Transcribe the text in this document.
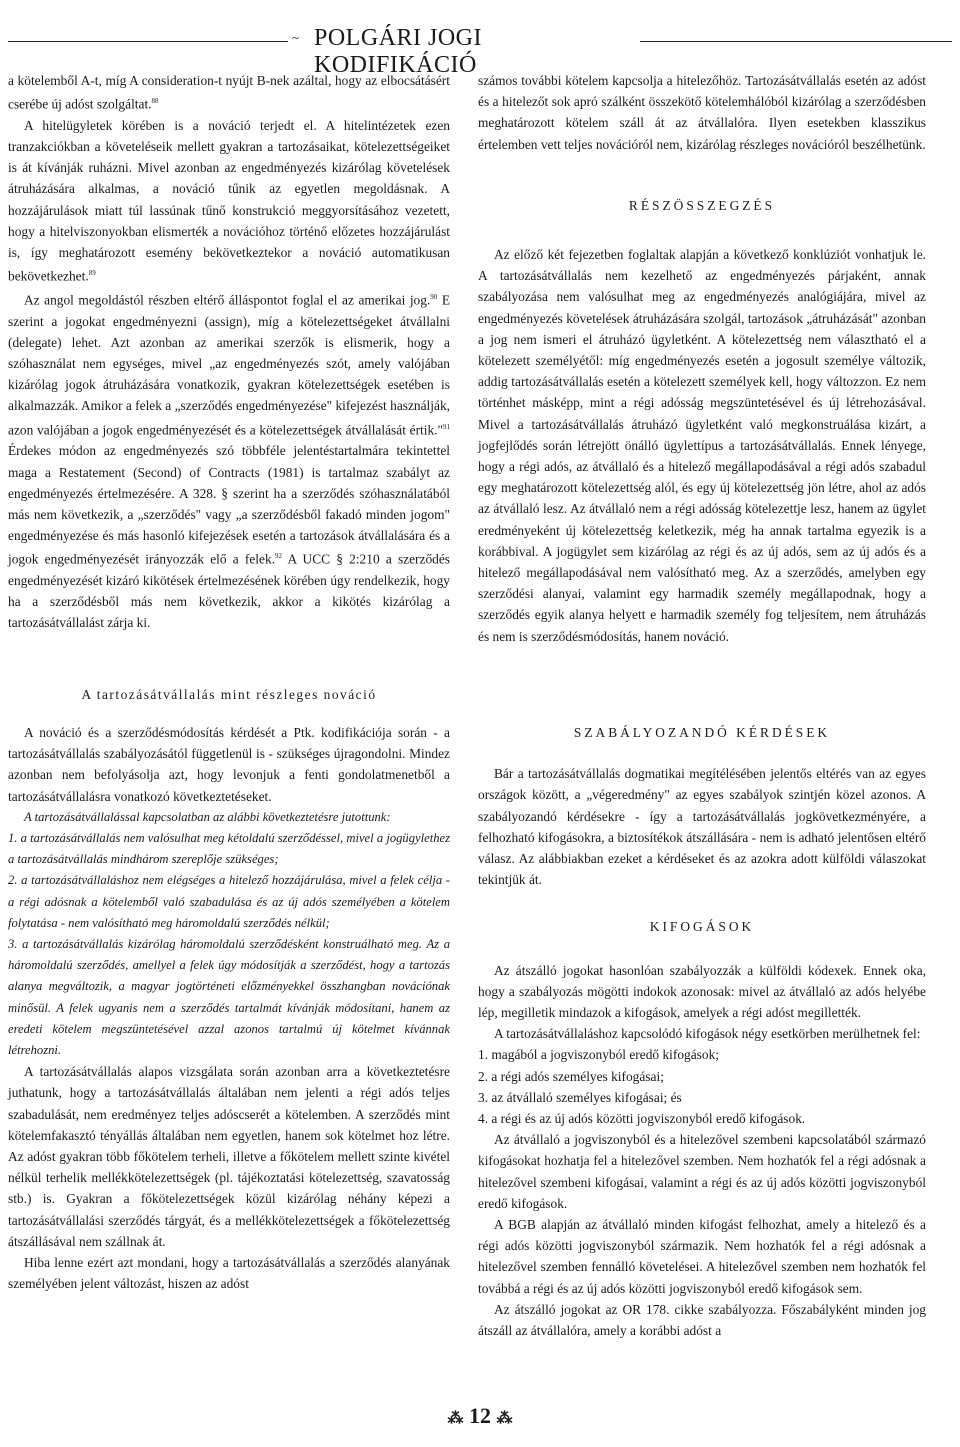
~ POLGÁRI JOGI KODIFIKÁCIÓ

a kötelemből A-t, míg A consideration-t nyújt B-nek azáltal, hogy az elbocsátásért cserébe új adóst szolgáltat.$^{88}$

A hitelügyletek körében is a nováció terjedt el. A hitelintézetek ezen tranzakciókban a követeléseik mellett gyakran a tartozásaikat, kötelezettségeiket is át kívánják ruházni. Mivel azonban az engedményezés kizárólag követelések átruházására alkalmas, a nováció tűnik az egyetlen megoldásnak. A hozzájárulások miatt túl lassúnak tűnő konstrukció meggyorsításához vezetett, hogy a hitelviszonyokban elismerték a novációhoz történő előzetes hozzájárulást is, így meghatározott esemény bekövetkeztekor a nováció automatikusan bekövetkezhet.$^{89}$

Az angol megoldástól részben eltérő álláspontot foglal el az amerikai jog.$^{90}$ E szerint a jogokat engedményezni (assign), míg a kötelezettségeket átvállalni (delegate) lehet. Azt azonban az amerikai szerzők is elismerik, hogy a szóhasználat nem egységes, mivel „az engedményezés szót, amely valójában kizárólag jogok átruházására vonatkozik, gyakran kötelezettségek esetében is alkalmazzák. Amikor a felek a „szerződés engedményezése" kifejezést használják, azon valójában a jogok engedményezését és a kötelezettségek átvállalását értik."$^{91}$ Érdekes módon az engedményezés szó többféle jelentéstartalmára tekintettel maga a Restatement (Second) of Contracts (1981) is tartalmaz szabályt az engedményezés értelmezésére. A 328. § szerint ha a szerződés szóhasználatából más nem következik, a „szerződés" vagy „a szerződésből fakadó minden jogom" engedményezése és más hasonló kifejezések esetén a tartozások átvállalására és a jogok engedményezését irányozzák elő a felek.$^{92}$ A UCC § 2:210 a szerződés engedményezését kizáró kikötések értelmezésének körében úgy rendelkezik, hogy ha a szerződésből más nem következik, akkor a kikötés kizárólag a tartozásátvállalást zárja ki.

A tartozásátvállalás mint részleges nováció

A nováció és a szerződésmódosítás kérdését a Ptk. kodifikációja során - a tartozásátvállalás szabályozásától függetlenül is - szükséges újragondolni. Mindez azonban nem befolyásolja azt, hogy levonjuk a fenti gondolatmenetből a tartozásátvállalásra vonatkozó következtetéseket.

A tartozásátvállalással kapcsolatban az alábbi következtetésre jutottunk:

1. a tartozásátvállalás nem valósulhat meg kétoldalú szerződéssel, mivel a jogügylethez a tartozásátvállalás mindhárom szereplője szükséges;

2. a tartozásátvállaláshoz nem elégséges a hitelező hozzájárulása, mivel a felek célja - a régi adósnak a kötelemből való szabadulása és az új adós személyében a kötelem folytatása - nem valósítható meg háromoldalú szerződés nélkül;

3. a tartozásátvállalás kizárólag háromoldalú szerződésként konstruálható meg. Az a háromoldalú szerződés, amellyel a felek úgy módosítják a szerződést, hogy a tartozás alanya megváltozik, a magyar jogtörténeti előzményekkel összhangban novációnak minősül. A felek ugyanis nem a szerződés tartalmát kívánják módosítani, hanem az eredeti kötelem megszüntetésével azzal azonos tartalmú új kötelmet kívánnak létrehozni.

A tartozásátvállalás alapos vizsgálata során azonban arra a következtetésre juthatunk, hogy a tartozásátvállalás általában nem jelenti a régi adós teljes szabadulását, nem eredményez teljes adóscserét a kötelemben. A szerződés mint kötelemfakasztó tényállás általában nem egyetlen, hanem sok kötelmet hoz létre. Az adóst gyakran több főkötelem terheli, illetve a főkötelem mellett szinte kivétel nélkül terhelik mellékkötelezettségek (pl. tájékoztatási kötelezettség, szavatosság stb.) is. Gyakran a főkötelezettségek közül kizárólag néhány képezi a tartozásátvállalási szerződés tárgyát, és a mellékkötelezettségek a főkötelezettség átszállásával nem szállnak át.

Hiba lenne ezért azt mondani, hogy a tartozásátvállalás a szerződés alanyának személyében jelent változást, hiszen az adóst

számos további kötelem kapcsolja a hitelezőhöz. Tartozásátvállalás esetén az adóst és a hitelezőt sok apró szálként összekötő kötelemhálóból kizárólag a szerződésben meghatározott kötelem száll át az átvállalóra. Ilyen esetekben klasszikus értelemben vett teljes novációról nem, kizárólag részleges novációról beszélhetünk.

RÉSZÖSSZEGZÉS

Az előző két fejezetben foglaltak alapján a következő konklúziót vonhatjuk le. A tartozásátvállalás nem kezelhető az engedményezés párjaként, annak szabályozása nem valósulhat meg az engedményezés analógiájára, mivel az engedményezés követelések átruházására szolgál, tartozások „átruházását" azonban a jog nem ismeri el átruházó ügyletként. A kötelezettség nem választható el a kötelezett személyétől: míg engedményezés esetén a jogosult személye változik, addig tartozásátvállalás esetén a kötelezett személyek kell, hogy változzon. Ez nem történhet másképp, mint a régi adósság megszüntetésével és új létrehozásával. Mivel a tartozásátvállalás átruházó ügyletként való megkonstruálása kizárt, a jogfejlődés során létrejött önálló ügylettípus a tartozásátvállalás. Ennek lényege, hogy a régi adós, az átvállaló és a hitelező megállapodásával a régi adós szabadul egy meghatározott kötelezettség alól, és egy új kötelezettség jön létre, ahol az adós az átvállaló lesz. Az átvállaló nem a régi adósság kötelezettje lesz, hanem az ügylet eredményeként új kötelezettség keletkezik, még ha annak tartalma egyezik is a korábbival. A jogügylet sem kizárólag az régi és az új adós, sem az új adós és a hitelező megállapodásával nem valósítható meg. Az a szerződés, amelyben egy szerződési alanyai, valamint egy harmadik személy megállapodnak, hogy a szerződés egyik alanya helyett e harmadik személy fog teljesítem, nem átruházás és nem is szerződésmódosítás, hanem nováció.

SZABÁLYOZANDÓ KÉRDÉSEK

Bár a tartozásátvállalás dogmatikai megítélésében jelentős eltérés van az egyes országok között, a „végeredmény" az egyes szabályok szintjén közel azonos. A szabályozandó kérdésekre - így a tartozásátvállalás jogkövetkezményére, a felhozható kifogásokra, a biztosítékok átszállására - nem is adható jelentősen eltérő válasz. Az alábbiakban ezeket a kérdéseket és az azokra adott külföldi válaszokat tekintjük át.

KIFOGÁSOK

Az átszálló jogokat hasonlóan szabályozzák a külföldi kódexek. Ennek oka, hogy a szabályozás mögötti indokok azonosak: mivel az átvállaló az adós helyébe lép, megilletik mindazok a kifogások, amelyek a régi adóst megillették.

A tartozásátvállaláshoz kapcsolódó kifogások négy esetkörben merülhetnek fel:

1. magából a jogviszonyból eredő kifogások;

2. a régi adós személyes kifogásai;

3. az átvállaló személyes kifogásai; és

4. a régi és az új adós közötti jogviszonyból eredő kifogások.

Az átvállaló a jogviszonyból és a hitelezővel szembeni kapcsolatából származó kifogásokat hozhatja fel a hitelezővel szemben. Nem hozhatók fel a régi adósnak a hitelezővel szembeni kifogásai, valamint a régi és az új adós közötti jogviszonyból eredő kifogások.

A BGB alapján az átvállaló minden kifogást felhozhat, amely a hitelező és a régi adós közötti jogviszonyból származik. Nem hozhatók fel a régi adósnak a hitelezővel szemben fennálló követelései. A hitelezővel szemben nem hozhatók fel továbbá a régi és az új adós közötti jogviszonyból eredő kifogások sem.

Az átszálló jogokat az OR 178. cikke szabályozza. Főszabályként minden jog átszáll az átvállalóra, amely a korábbi adóst a

⁂ 12 ⁂
